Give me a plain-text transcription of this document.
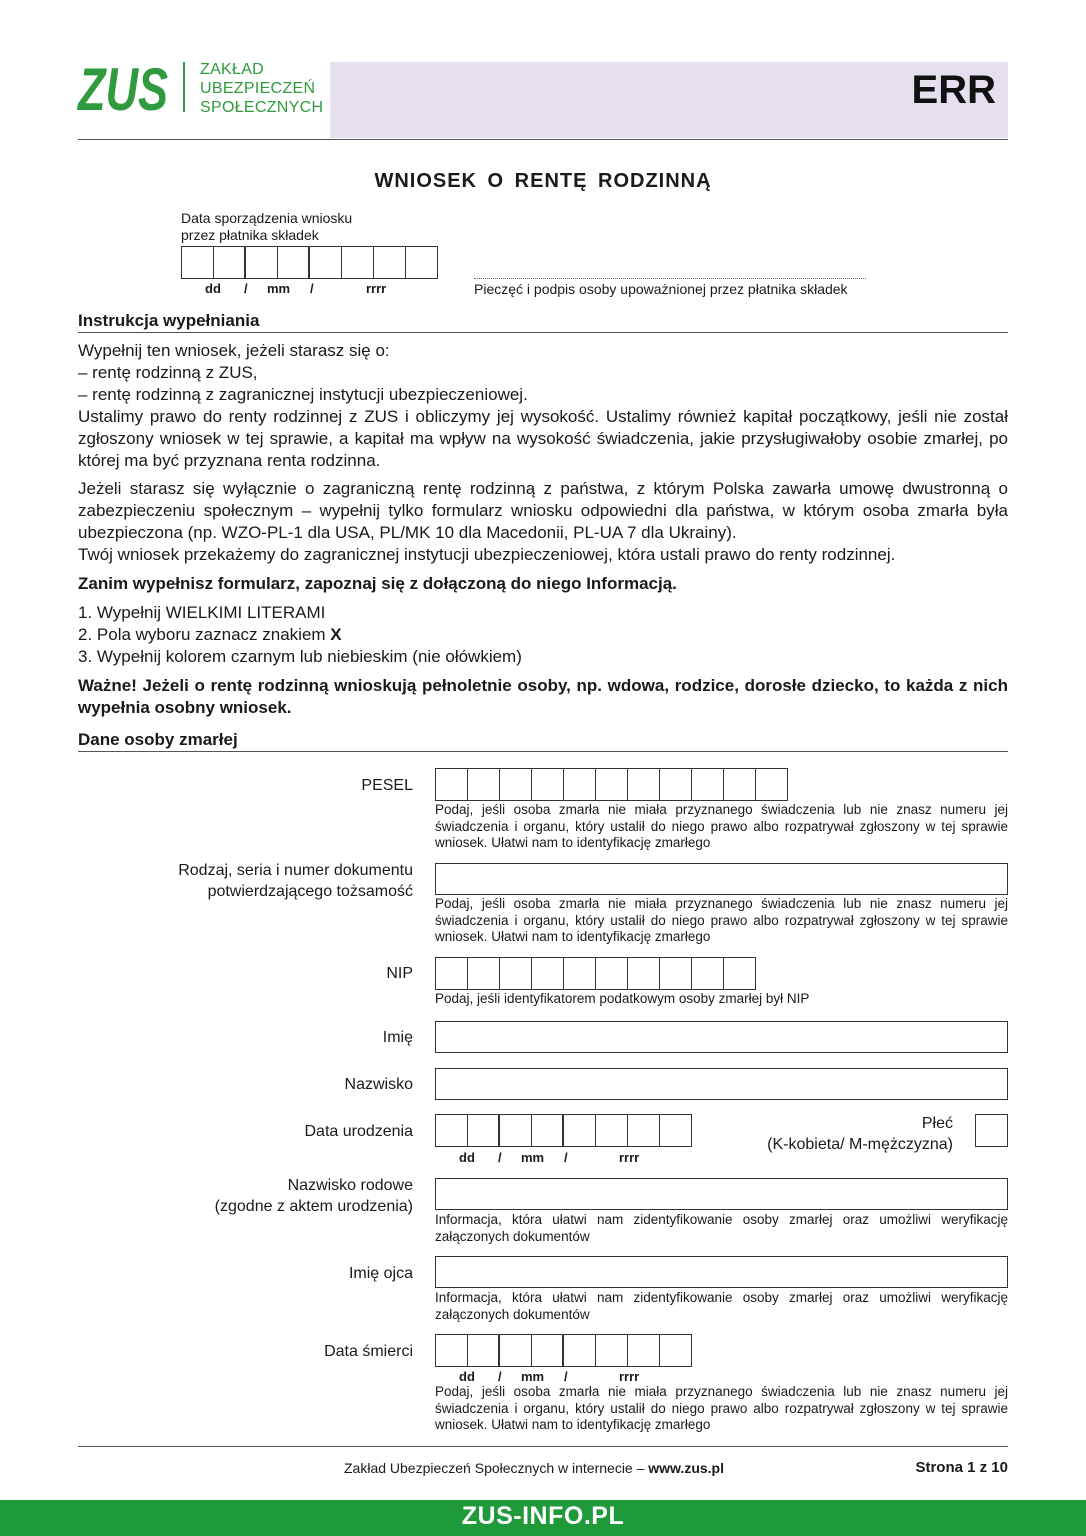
ZUS ZAKŁAD
UBEZPIECZEŃ
SPOŁECZNYCH	ERR
WNIOSEK O RENTĘ RODZINNĄ
Data sporządzenia wniosku
przez płatnika składek
dd / mm /	rrrr	Pieczęć i podpis osoby upoważnionej przez płatnika składek
Instrukcja wypełniania
Wypełnij ten wniosek, jeżeli starasz się o:
– rentę rodzinną z ZUS,
– rentę rodzinną z zagranicznej instytucji ubezpieczeniowej.
Ustalimy prawo do renty rodzinnej z ZUS i obliczymy jej wysokość. Ustalimy również kapitał początkowy, jeśli nie został zgłoszony wniosek w tej sprawie, a kapitał ma wpływ na wysokość świadczenia, jakie przysługiwałoby osobie zmarłej, po której ma być przyznana renta rodzinna.
Jeżeli starasz się wyłącznie o zagraniczną rentę rodzinną z państwa, z którym Polska zawarła umowę dwustronną o zabezpieczeniu społecznym – wypełnij tylko formularz wniosku odpowiedni dla państwa, w którym osoba zmarła była ubezpieczona (np. WZO-PL-1 dla USA, PL/MK 10 dla Macedonii, PL-UA 7 dla Ukrainy).
Twój wniosek przekażemy do zagranicznej instytucji ubezpieczeniowej, która ustali prawo do renty rodzinnej.
Zanim wypełnisz formularz, zapoznaj się z dołączoną do niego Informacją.
1. Wypełnij WIELKIMI LITERAMI
2. Pola wyboru zaznacz znakiem X
3. Wypełnij kolorem czarnym lub niebieskim (nie ołówkiem)
Ważne! Jeżeli o rentę rodzinną wnioskują pełnoletnie osoby, np. wdowa, rodzice, dorosłe dziecko, to każda z nich wypełnia osobny wniosek.
Dane osoby zmarłej
PESEL
Podaj, jeśli osoba zmarła nie miała przyznanego świadczenia lub nie znasz numeru jej świadczenia i organu, który ustalił do niego prawo albo rozpatrywał zgłoszony w tej sprawie wniosek. Ułatwi nam to identyfikację zmarłego
Rodzaj, seria i numer dokumentu
potwierdzającego tożsamość
Podaj, jeśli osoba zmarła nie miała przyznanego świadczenia lub nie znasz numeru jej świadczenia i organu, który ustalił do niego prawo albo rozpatrywał zgłoszony w tej sprawie wniosek. Ułatwi nam to identyfikację zmarłego
NIP
Podaj, jeśli identyfikatorem podatkowym osoby zmarłej był NIP
Imię
Nazwisko
Data urodzenia
dd / mm /	rrrr
Płeć
(K-kobieta/ M-mężczyzna)
Nazwisko rodowe
(zgodne z aktem urodzenia)
Informacja, która ułatwi nam zidentyfikowanie osoby zmarłej oraz umożliwi weryfikację załączonych dokumentów
Imię ojca
Informacja, która ułatwi nam zidentyfikowanie osoby zmarłej oraz umożliwi weryfikację załączonych dokumentów
Data śmierci
dd / mm /	rrrr
Podaj, jeśli osoba zmarła nie miała przyznanego świadczenia lub nie znasz numeru jej świadczenia i organu, który ustalił do niego prawo albo rozpatrywał zgłoszony w tej sprawie wniosek. Ułatwi nam to identyfikację zmarłego
Zakład Ubezpieczeń Społecznych w internecie – www.zus.pl	Strona 1 z 10
ZUS-INFO.PL
